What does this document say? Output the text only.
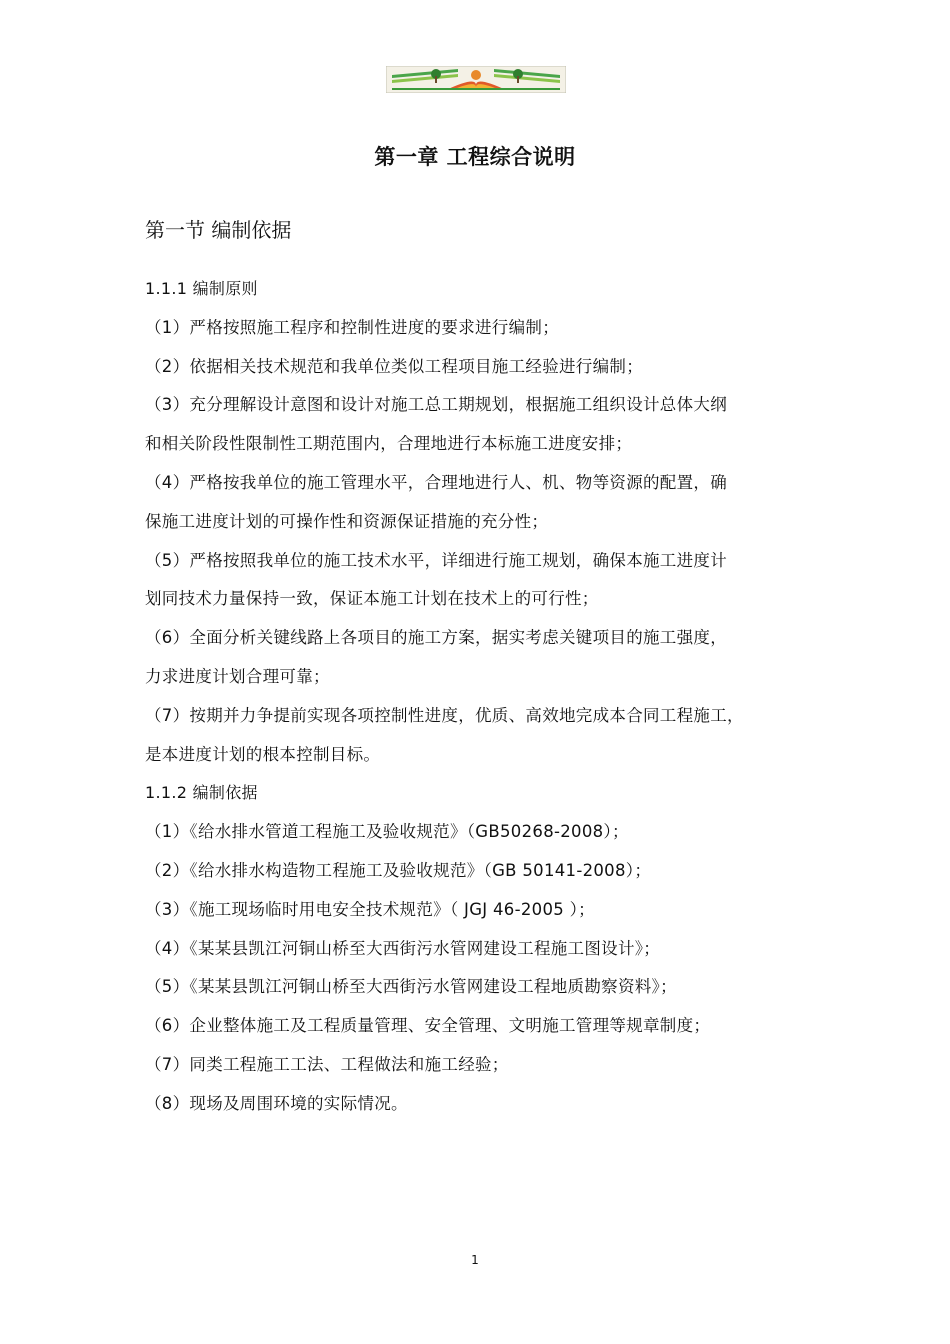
第一章 工程综合说明
第一节 编制依据
1.1.1 编制原则
（1）严格按照施工程序和控制性进度的要求进行编制；
（2）依据相关技术规范和我单位类似工程项目施工经验进行编制；
（3）充分理解设计意图和设计对施工总工期规划，根据施工组织设计总体大纲
和相关阶段性限制性工期范围内，合理地进行本标施工进度安排；
（4）严格按我单位的施工管理水平，合理地进行人、机、物等资源的配置，确
保施工进度计划的可操作性和资源保证措施的充分性；
（5）严格按照我单位的施工技术水平，详细进行施工规划，确保本施工进度计
划同技术力量保持一致，保证本施工计划在技术上的可行性；
（6）全面分析关键线路上各项目的施工方案，据实考虑关键项目的施工强度，
力求进度计划合理可靠；
（7）按期并力争提前实现各项控制性进度，优质、高效地完成本合同工程施工，
是本进度计划的根本控制目标。
1.1.2 编制依据
（1）《给水排水管道工程施工及验收规范》（GB50268-2008）；
（2）《给水排水构造物工程施工及验收规范》（GB 50141-2008）；
（3）《施工现场临时用电安全技术规范》（ JGJ 46-2005 ）；
（4）《某某县凯江河铜山桥至大西街污水管网建设工程施工图设计》；
（5）《某某县凯江河铜山桥至大西街污水管网建设工程地质勘察资料》；
（6）企业整体施工及工程质量管理、安全管理、文明施工管理等规章制度；
（7）同类工程施工工法、工程做法和施工经验；
（8）现场及周围环境的实际情况。
1
